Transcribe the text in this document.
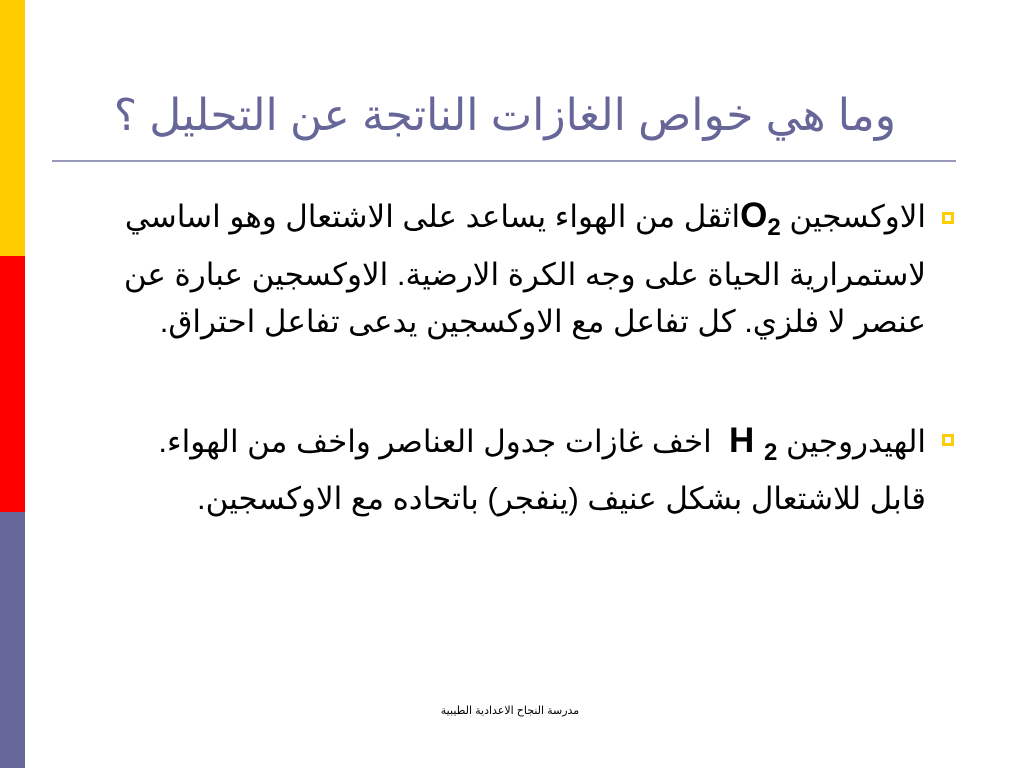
وما هي خواص الغازات الناتجة عن التحليل ؟
الاوكسجين $O_2اثقل$ من الهواء يساعد على الاشتعال وهو اساسي
لاستمرارية الحياة على وجه الكرة الارضية. الاوكسجين عبارة عن
عنصر لا فلزي. كل تفاعل مع الاوكسجين يدعى تفاعل احتراق.
الهيدروجين H $_2$  اخف غازات جدول العناصر واخف من الهواء.
قابل للاشتعال بشكل عنيف (ينفجر) باتحاده مع الاوكسجين.
مدرسة النجاح الاعدادية الطيبية
